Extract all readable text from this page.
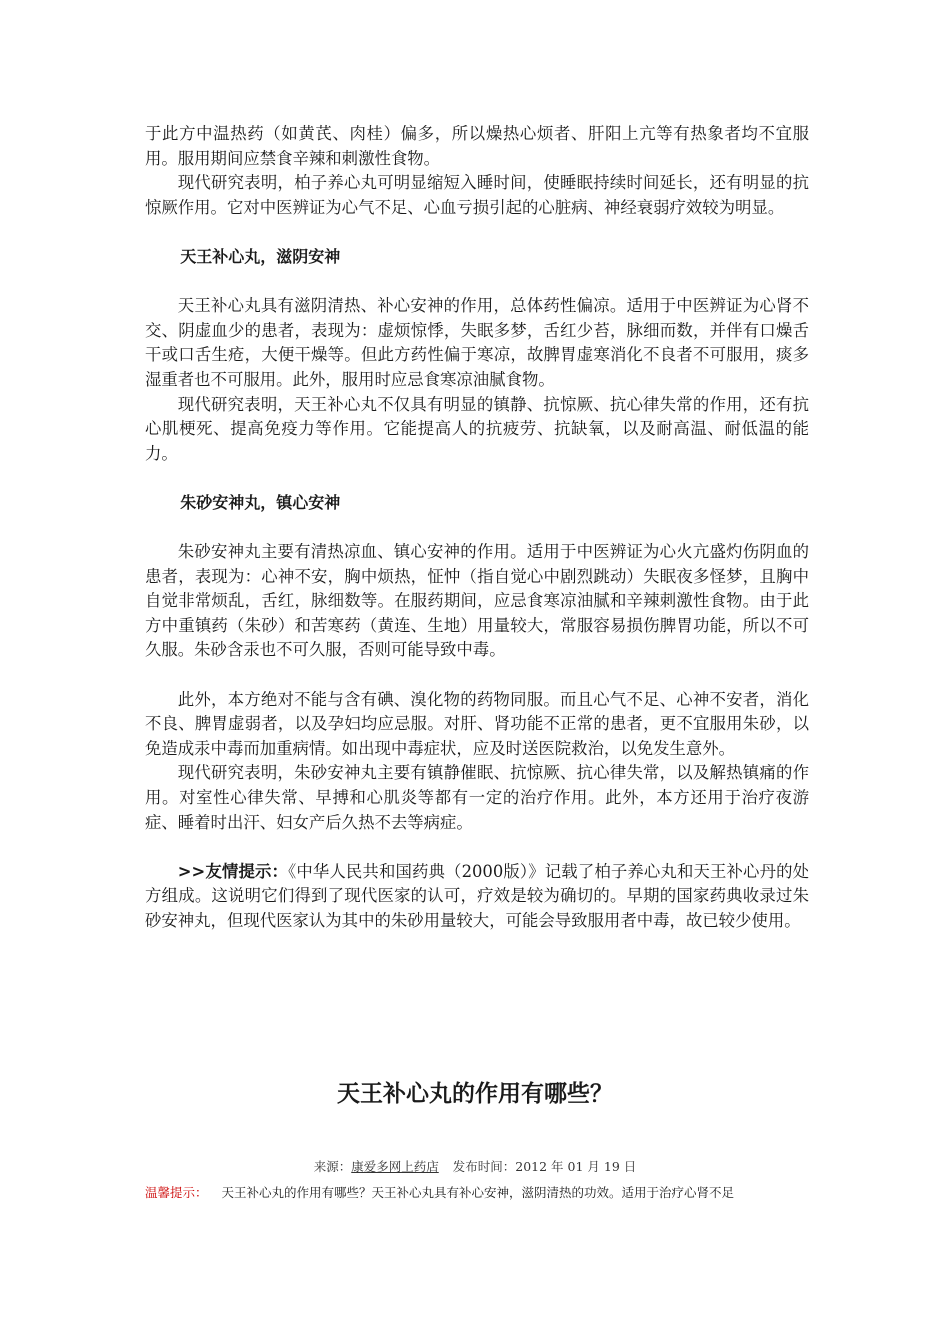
于此方中温热药（如黄芪、肉桂）偏多，所以燥热心烦者、肝阳上亢等有热象者均不宜服用。服用期间应禁食辛辣和刺激性食物。

现代研究表明，柏子养心丸可明显缩短入睡时间，使睡眠持续时间延长，还有明显的抗惊厥作用。它对中医辨证为心气不足、心血亏损引起的心脏病、神经衰弱疗效较为明显。

天王补心丸，滋阴安神

天王补心丸具有滋阴清热、补心安神的作用，总体药性偏凉。适用于中医辨证为心肾不交、阴虚血少的患者，表现为：虚烦惊悸，失眠多梦，舌红少苔，脉细而数，并伴有口燥舌干或口舌生疮，大便干燥等。但此方药性偏于寒凉，故脾胃虚寒消化不良者不可服用，痰多湿重者也不可服用。此外，服用时应忌食寒凉油腻食物。

现代研究表明，天王补心丸不仅具有明显的镇静、抗惊厥、抗心律失常的作用，还有抗心肌梗死、提高免疫力等作用。它能提高人的抗疲劳、抗缺氧，以及耐高温、耐低温的能力。

朱砂安神丸，镇心安神

朱砂安神丸主要有清热凉血、镇心安神的作用。适用于中医辨证为心火亢盛灼伤阴血的患者，表现为：心神不安，胸中烦热，怔忡（指自觉心中剧烈跳动）失眠夜多怪梦，且胸中自觉非常烦乱，舌红，脉细数等。在服药期间，应忌食寒凉油腻和辛辣刺激性食物。由于此方中重镇药（朱砂）和苦寒药（黄连、生地）用量较大，常服容易损伤脾胃功能，所以不可久服。朱砂含汞也不可久服，否则可能导致中毒。

此外，本方绝对不能与含有碘、溴化物的药物同服。而且心气不足、心神不安者，消化不良、脾胃虚弱者，以及孕妇均应忌服。对肝、肾功能不正常的患者，更不宜服用朱砂，以免造成汞中毒而加重病情。如出现中毒症状，应及时送医院救治，以免发生意外。

现代研究表明，朱砂安神丸主要有镇静催眠、抗惊厥、抗心律失常，以及解热镇痛的作用。对室性心律失常、早搏和心肌炎等都有一定的治疗作用。此外，本方还用于治疗夜游症、睡着时出汗、妇女产后久热不去等病症。

>>友情提示：《中华人民共和国药典（2000版）》记载了柏子养心丸和天王补心丹的处方组成。这说明它们得到了现代医家的认可，疗效是较为确切的。早期的国家药典收录过朱砂安神丸，但现代医家认为其中的朱砂用量较大，可能会导致服用者中毒，故已较少使用。

天王补心丸的作用有哪些？
来源：康爱多网上药店 发布时间：2012 年 01 月 19 日
温馨提示： 天王补心丸的作用有哪些？天王补心丸具有补心安神，滋阴清热的功效。适用于治疗心肾不足
